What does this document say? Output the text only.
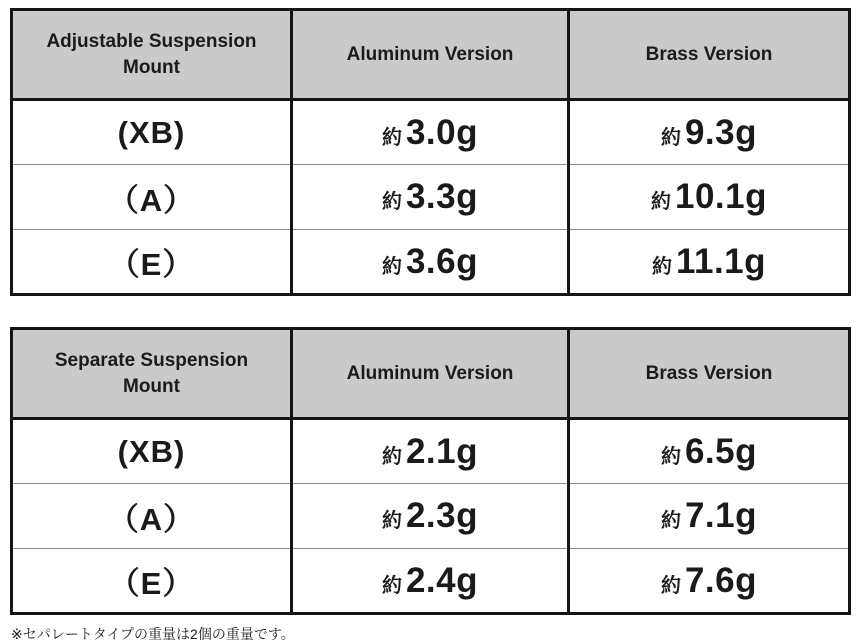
Adjustable Suspension Mount	Aluminum Version	Brass Version
(XB)	約 3.0g	約 9.3g
（A）	約 3.3g	約 10.1g
（E）	約 3.6g	約 11.1g
Separate Suspension Mount	Aluminum Version	Brass Version
(XB)	約 2.1g	約 6.5g
（A）	約 2.3g	約 7.1g
（E）	約 2.4g	約 7.6g
※セパレートタイプの重量は2個の重量です。
